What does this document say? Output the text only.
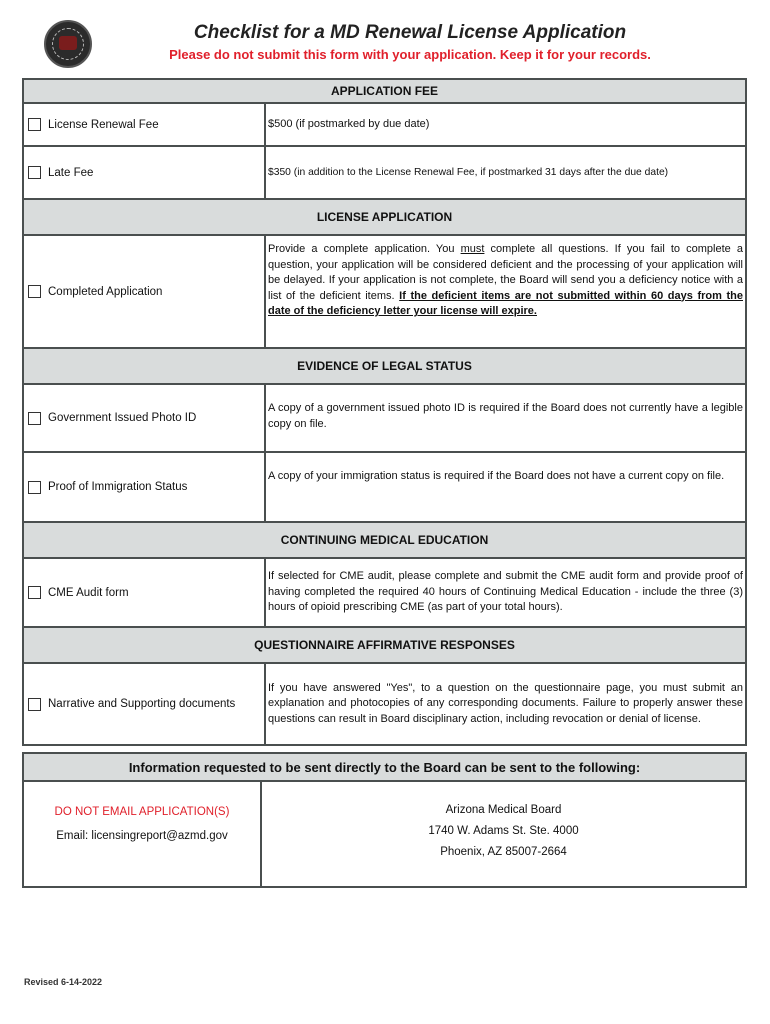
Checklist for a MD Renewal License Application
Please do not submit this form with your application. Keep it for your records.
APPLICATION FEE
License Renewal Fee	$500 (if postmarked by due date)
Late Fee	$350 (in addition to the License Renewal Fee, if postmarked 31 days after the due date)
LICENSE APPLICATION
Completed Application
Provide a complete application. You must complete all questions. If you fail to complete a question, your application will be considered deficient and the processing of your application will be delayed. If your application is not complete, the Board will send you a deficiency notice with a list of the deficient items. If the deficient items are not submitted within 60 days from the date of the deficiency letter your license will expire.
EVIDENCE OF LEGAL STATUS
Government Issued Photo ID
A copy of a government issued photo ID is required if the Board does not currently have a legible copy on file.
Proof of Immigration Status
A copy of your immigration status is required if the Board does not have a current copy on file.
CONTINUING MEDICAL EDUCATION
CME Audit form
If selected for CME audit, please complete and submit the CME audit form and provide proof of having completed the required 40 hours of Continuing Medical Education - include the three (3) hours of opioid prescribing CME (as part of your total hours).
QUESTIONNAIRE AFFIRMATIVE RESPONSES
Narrative and Supporting documents
If you have answered "Yes", to a question on the questionnaire page, you must submit an explanation and photocopies of any corresponding documents. Failure to properly answer these questions can result in Board disciplinary action, including revocation or denial of license.
Information requested to be sent directly to the Board can be sent to the following:
DO NOT EMAIL APPLICATION(S)
Email: licensingreport@azmd.gov
Arizona Medical Board
1740 W. Adams St. Ste. 4000
Phoenix, AZ 85007-2664
Revised 6-14-2022
